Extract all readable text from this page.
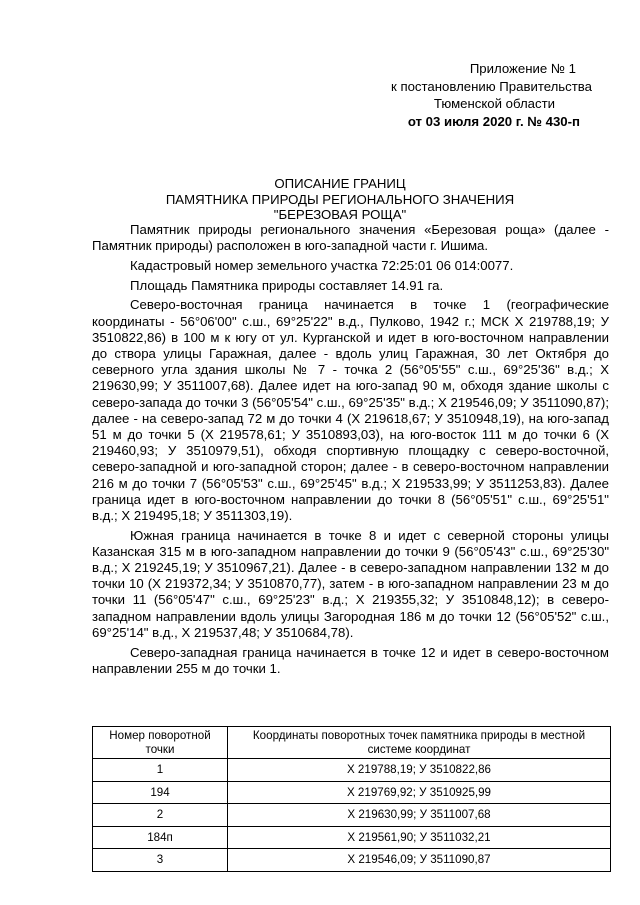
Приложение № 1
к постановлению Правительства
Тюменской области
от 03 июля 2020 г. № 430-п
ОПИСАНИЕ ГРАНИЦ
ПАМЯТНИКА ПРИРОДЫ РЕГИОНАЛЬНОГО ЗНАЧЕНИЯ
"БЕРЕЗОВАЯ РОЩА"

Памятник природы регионального значения «Березовая роща» (далее - Памятник природы) расположен в юго-западной части г. Ишима.

Кадастровый номер земельного участка 72:25:01 06 014:0077.

Площадь Памятника природы составляет 14.91 га.

Северо-восточная граница начинается в точке 1 (географические координаты - 56°06'00" с.ш., 69°25'22" в.д., Пулково, 1942 г.; МСК Х 219788,19; У 3510822,86) в 100 м к югу от ул. Курганской и идет в юго-восточном направлении до створа улицы Гаражная, далее - вдоль улиц Гаражная, 30 лет Октября до северного угла здания школы № 7 - точка 2 (56°05'55" с.ш., 69°25'36" в.д.; Х 219630,99; У 3511007,68). Далее идет на юго-запад 90 м, обходя здание школы с северо-запада до точки 3 (56°05'54" с.ш., 69°25'35" в.д.; Х 219546,09; У 3511090,87); далее - на северо-запад 72 м до точки 4 (Х 219618,67; У 3510948,19), на юго-запад 51 м до точки 5 (Х 219578,61; У 3510893,03), на юго-восток 111 м до точки 6 (Х 219460,93; У 3510979,51), обходя спортивную площадку с северо-восточной, северо-западной и юго-западной сторон; далее - в северо-восточном направлении 216 м до точки 7 (56°05'53" с.ш., 69°25'45" в.д.; Х 219533,99; У 3511253,83). Далее граница идет в юго-восточном направлении до точки 8 (56°05'51" с.ш., 69°25'51" в.д.; Х 219495,18; У 3511303,19).

Южная граница начинается в точке 8 и идет с северной стороны улицы Казанская 315 м в юго-западном направлении до точки 9 (56°05'43" с.ш., 69°25'30" в.д.; Х 219245,19; У 3510967,21). Далее - в северо-западном направлении 132 м до точки 10 (Х 219372,34; У 3510870,77), затем - в юго-западном направлении 23 м до точки 11 (56°05'47" с.ш., 69°25'23" в.д.; Х 219355,32; У 3510848,12); в северо-западном направлении вдоль улицы Загородная 186 м до точки 12 (56°05'52" с.ш., 69°25'14" в.д., Х 219537,48; У 3510684,78).

Северо-западная граница начинается в точке 12 и идет в северо-восточном направлении 255 м до точки 1.

Номер поворотной точки	Координаты поворотных точек памятника природы в местной системе координат
1	Х 219788,19; У 3510822,86
194	Х 219769,92; У 3510925,99
2	Х 219630,99; У 3511007,68
184п	Х 219561,90; У 3511032,21
3	Х 219546,09; У 3511090,87
